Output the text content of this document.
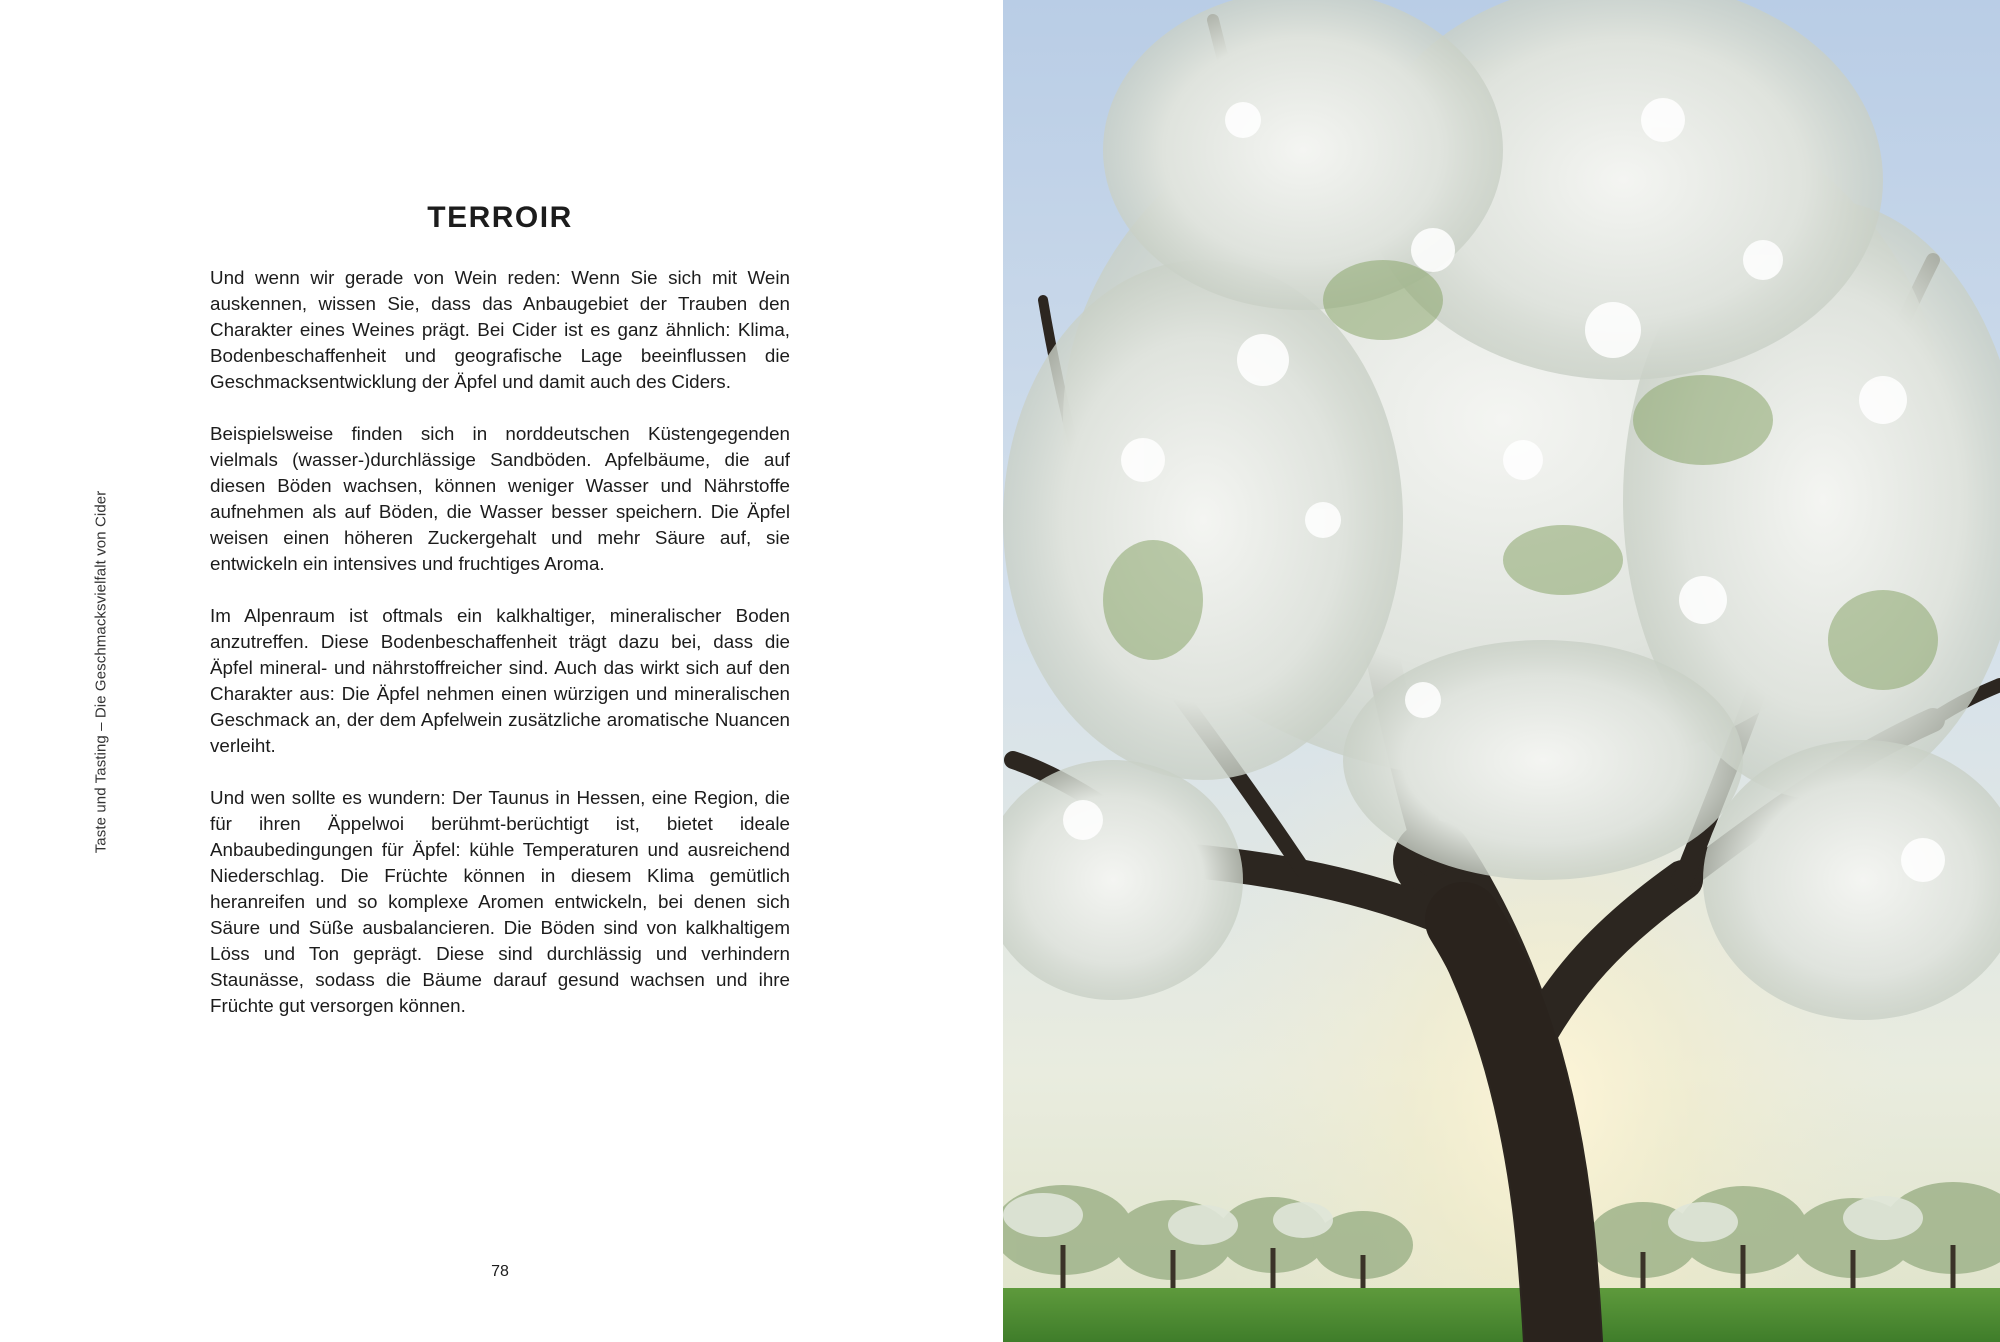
Taste und Tasting – Die Geschmacksvielfalt von Cider
TERROIR

Und wenn wir gerade von Wein reden: Wenn Sie sich mit Wein auskennen, wissen Sie, dass das Anbaugebiet der Trauben den Charakter eines Weines prägt. Bei Cider ist es ganz ähnlich: Klima, Bodenbeschaffenheit und geografische Lage beeinflussen die Geschmacksentwicklung der Äpfel und damit auch des Ciders.

Beispielsweise finden sich in norddeutschen Küstengegenden vielmals (wasser-)durchlässige Sandböden. Apfelbäume, die auf diesen Böden wachsen, können weniger Wasser und Nährstoffe aufnehmen als auf Böden, die Wasser besser speichern. Die Äpfel weisen einen höheren Zuckergehalt und mehr Säure auf, sie entwickeln ein intensives und fruchtiges Aroma.

Im Alpenraum ist oftmals ein kalkhaltiger, mineralischer Boden anzutreffen. Diese Bodenbeschaffenheit trägt dazu bei, dass die Äpfel mineral- und nährstoffreicher sind. Auch das wirkt sich auf den Charakter aus: Die Äpfel nehmen einen würzigen und mineralischen Geschmack an, der dem Apfelwein zusätzliche aromatische Nuancen verleiht.

Und wen sollte es wundern: Der Taunus in Hessen, eine Region, die für ihren Äppelwoi berühmt-berüchtigt ist, bietet ideale Anbaubedingungen für Äpfel: kühle Temperaturen und ausreichend Niederschlag. Die Früchte können in diesem Klima gemütlich heranreifen und so komplexe Aromen entwickeln, bei denen sich Säure und Süße ausbalancieren. Die Böden sind von kalkhaltigem Löss und Ton geprägt. Diese sind durchlässig und verhindern Staunässe, sodass die Bäume darauf gesund wachsen und ihre Früchte gut versorgen können.

78
